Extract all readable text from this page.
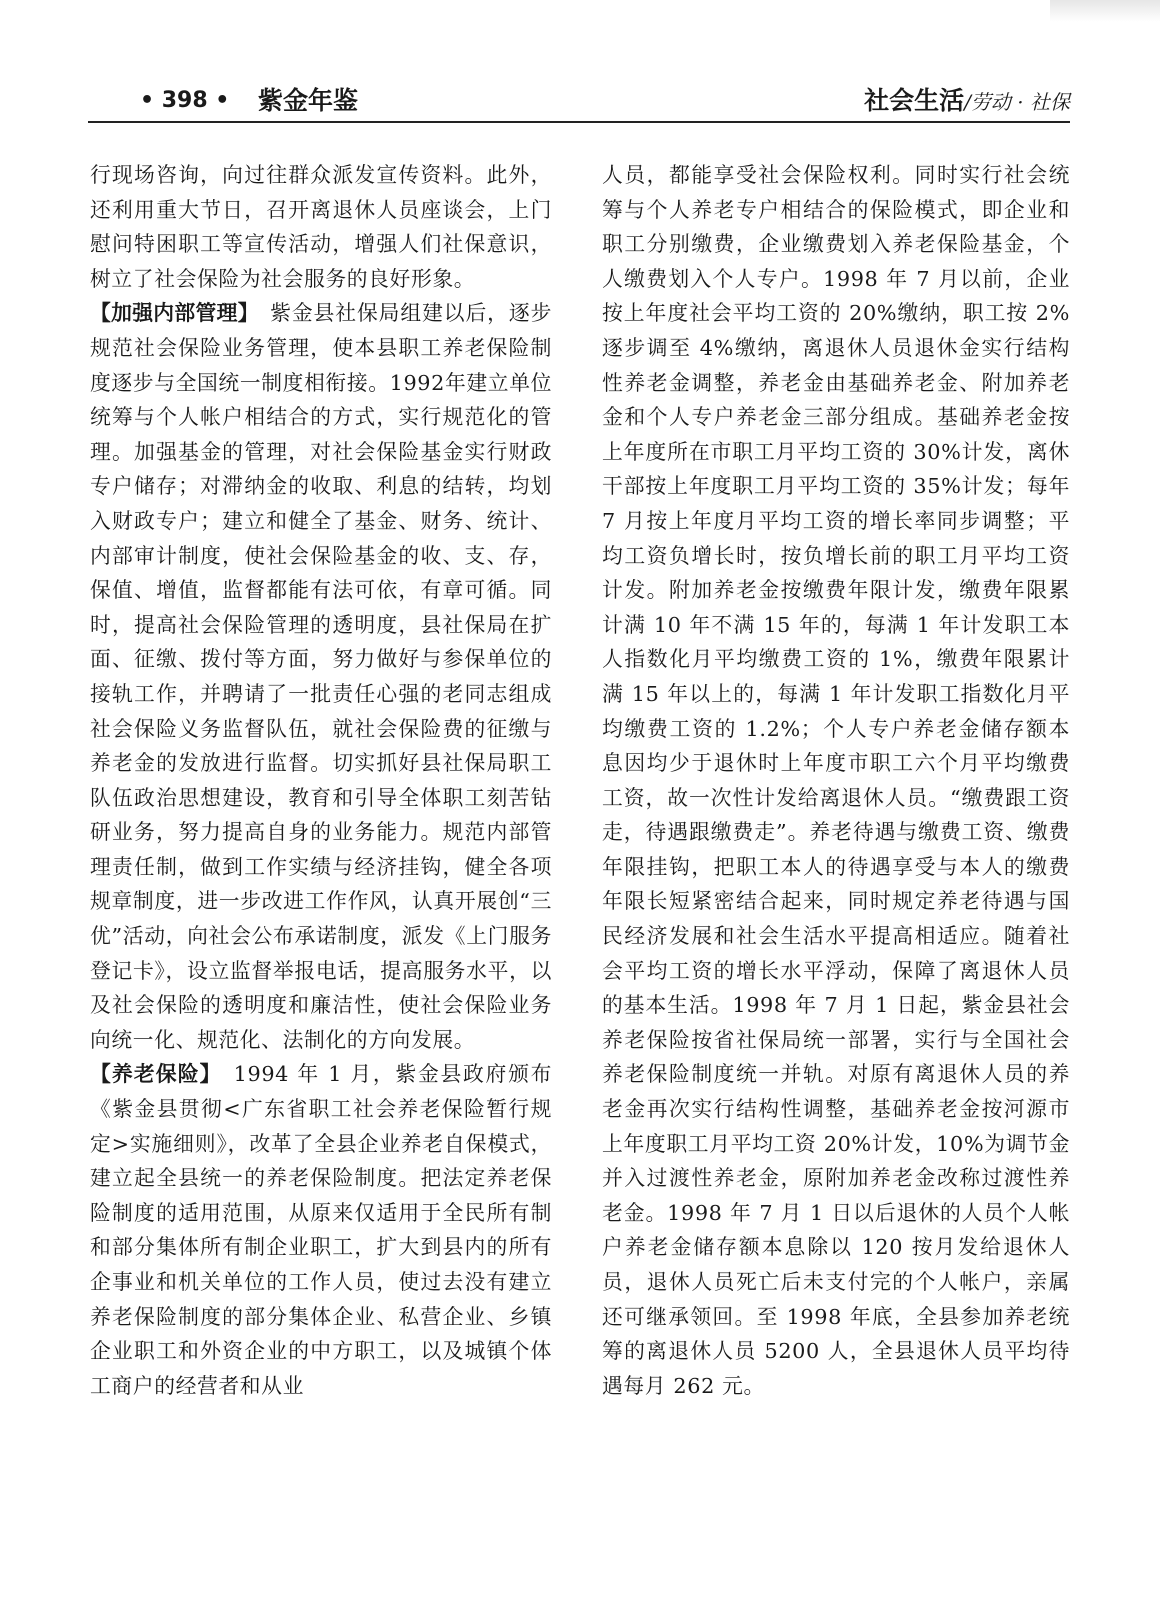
• 398 • 紫金年鉴	社会生活/劳动 · 社保

行现场咨询，向过往群众派发宣传资料。此外，还利用重大节日，召开离退休人员座谈会，上门慰问特困职工等宣传活动，增强人们社保意识，树立了社会保险为社会服务的良好形象。

【加强内部管理】　紫金县社保局组建以后，逐步规范社会保险业务管理，使本县职工养老保险制度逐步与全国统一制度相衔接。1992年建立单位统筹与个人帐户相结合的方式，实行规范化的管理。加强基金的管理，对社会保险基金实行财政专户储存；对滞纳金的收取、利息的结转，均划入财政专户；建立和健全了基金、财务、统计、内部审计制度，使社会保险基金的收、支、存，保值、增值，监督都能有法可依，有章可循。同时，提高社会保险管理的透明度，县社保局在扩面、征缴、拨付等方面，努力做好与参保单位的接轨工作，并聘请了一批责任心强的老同志组成社会保险义务监督队伍，就社会保险费的征缴与养老金的发放进行监督。切实抓好县社保局职工队伍政治思想建设，教育和引导全体职工刻苦钻研业务，努力提高自身的业务能力。规范内部管理责任制，做到工作实绩与经济挂钩，健全各项规章制度，进一步改进工作作风，认真开展创“三优”活动，向社会公布承诺制度，派发《上门服务登记卡》，设立监督举报电话，提高服务水平，以及社会保险的透明度和廉洁性，使社会保险业务向统一化、规范化、法制化的方向发展。

【养老保险】　1994 年 1 月，紫金县政府颁布《紫金县贯彻<广东省职工社会养老保险暂行规定>实施细则》，改革了全县企业养老自保模式，建立起全县统一的养老保险制度。把法定养老保险制度的适用范围，从原来仅适用于全民所有制和部分集体所有制企业职工，扩大到县内的所有企事业和机关单位的工作人员，使过去没有建立养老保险制度的部分集体企业、私营企业、乡镇企业职工和外资企业的中方职工，以及城镇个体工商户的经营者和从业

人员，都能享受社会保险权利。同时实行社会统筹与个人养老专户相结合的保险模式，即企业和职工分别缴费，企业缴费划入养老保险基金，个人缴费划入个人专户。1998 年 7 月以前，企业按上年度社会平均工资的 20%缴纳，职工按 2%逐步调至 4%缴纳，离退休人员退休金实行结构性养老金调整，养老金由基础养老金、附加养老金和个人专户养老金三部分组成。基础养老金按上年度所在市职工月平均工资的 30%计发，离休干部按上年度职工月平均工资的 35%计发；每年 7 月按上年度月平均工资的增长率同步调整；平均工资负增长时，按负增长前的职工月平均工资计发。附加养老金按缴费年限计发，缴费年限累计满 10 年不满 15 年的，每满 1 年计发职工本人指数化月平均缴费工资的 1%，缴费年限累计满 15 年以上的，每满 1 年计发职工指数化月平均缴费工资的 1.2%；个人专户养老金储存额本息因均少于退休时上年度市职工六个月平均缴费工资，故一次性计发给离退休人员。“缴费跟工资走，待遇跟缴费走”。养老待遇与缴费工资、缴费年限挂钩，把职工本人的待遇享受与本人的缴费年限长短紧密结合起来，同时规定养老待遇与国民经济发展和社会生活水平提高相适应。随着社会平均工资的增长水平浮动，保障了离退休人员的基本生活。1998 年 7 月 1 日起，紫金县社会养老保险按省社保局统一部署，实行与全国社会养老保险制度统一并轨。对原有离退休人员的养老金再次实行结构性调整，基础养老金按河源市上年度职工月平均工资 20%计发，10%为调节金并入过渡性养老金，原附加养老金改称过渡性养老金。1998 年 7 月 1 日以后退休的人员个人帐户养老金储存额本息除以 120 按月发给退休人员，退休人员死亡后未支付完的个人帐户，亲属还可继承领回。至 1998 年底，全县参加养老统筹的离退休人员 5200 人，全县退休人员平均待遇每月 262 元。
